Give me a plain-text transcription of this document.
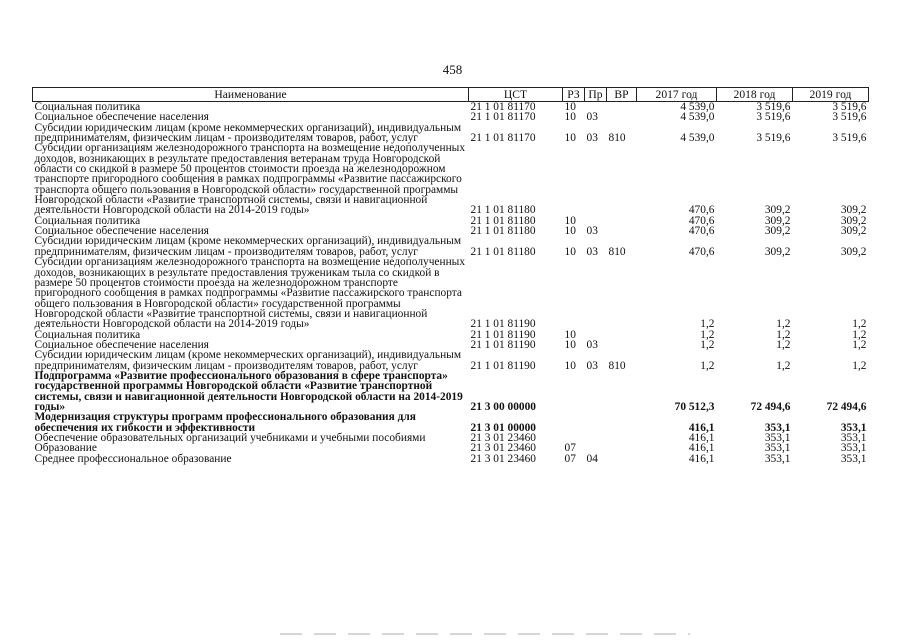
458
Наименование	ЦСТ	РЗ	Пр	ВР	2017 год	2018 год	2019 год
Социальная политика	21 1 01 81170	10			4 539,0	3 519,6	3 519,6
Социальное обеспечение населения	21 1 01 81170	10	03		4 539,0	3 519,6	3 519,6
Субсидии юридическим лицам (кроме некоммерческих организаций), индивидуальным предпринимателям, физическим лицам - производителям товаров, работ, услуг	21 1 01 81170	10	03	810	4 539,0	3 519,6	3 519,6
Субсидии организациям железнодорожного транспорта на возмещение недополученных доходов, возникающих в результате предоставления ветеранам труда Новгородской области со скидкой в размере 50 процентов стоимости проезда на железнодорожном транспорте пригородного сообщения в рамках подпрограммы «Развитие пассажирского транспорта общего пользования в Новгородской области» государственной программы Новгородской области «Развитие транспортной системы, связи и навигационной деятельности Новгородской области на 2014-2019 годы»	21 1 01 81180				470,6	309,2	309,2
Социальная политика	21 1 01 81180	10			470,6	309,2	309,2
Социальное обеспечение населения	21 1 01 81180	10	03		470,6	309,2	309,2
Субсидии юридическим лицам (кроме некоммерческих организаций), индивидуальным предпринимателям, физическим лицам - производителям товаров, работ, услуг	21 1 01 81180	10	03	810	470,6	309,2	309,2
Субсидии организациям железнодорожного транспорта на возмещение недополученных доходов, возникающих в результате предоставления труженикам тыла со скидкой в размере 50 процентов стоимости проезда на железнодорожном транспорте пригородного сообщения в рамках подпрограммы «Развитие пассажирского транспорта общего пользования в Новгородской области» государственной программы Новгородской области «Развитие транспортной системы, связи и навигационной деятельности Новгородской области на 2014-2019 годы»	21 1 01 81190				1,2	1,2	1,2
Социальная политика	21 1 01 81190	10			1,2	1,2	1,2
Социальное обеспечение населения	21 1 01 81190	10	03		1,2	1,2	1,2
Субсидии юридическим лицам (кроме некоммерческих организаций), индивидуальным предпринимателям, физическим лицам - производителям товаров, работ, услуг	21 1 01 81190	10	03	810	1,2	1,2	1,2
Подпрограмма «Развитие профессионального образования в сфере транспорта» государственной программы Новгородской области «Развитие транспортной системы, связи и навигационной деятельности Новгородской области на 2014-2019 годы»	21 3 00 00000				70 512,3	72 494,6	72 494,6
Модернизация структуры программ профессионального образования для обеспечения их гибкости и эффективности	21 3 01 00000				416,1	353,1	353,1
Обеспечение образовательных организаций учебниками и учебными пособиями	21 3 01 23460				416,1	353,1	353,1
Образование	21 3 01 23460	07			416,1	353,1	353,1
Среднее профессиональное образование	21 3 01 23460	07	04		416,1	353,1	353,1
